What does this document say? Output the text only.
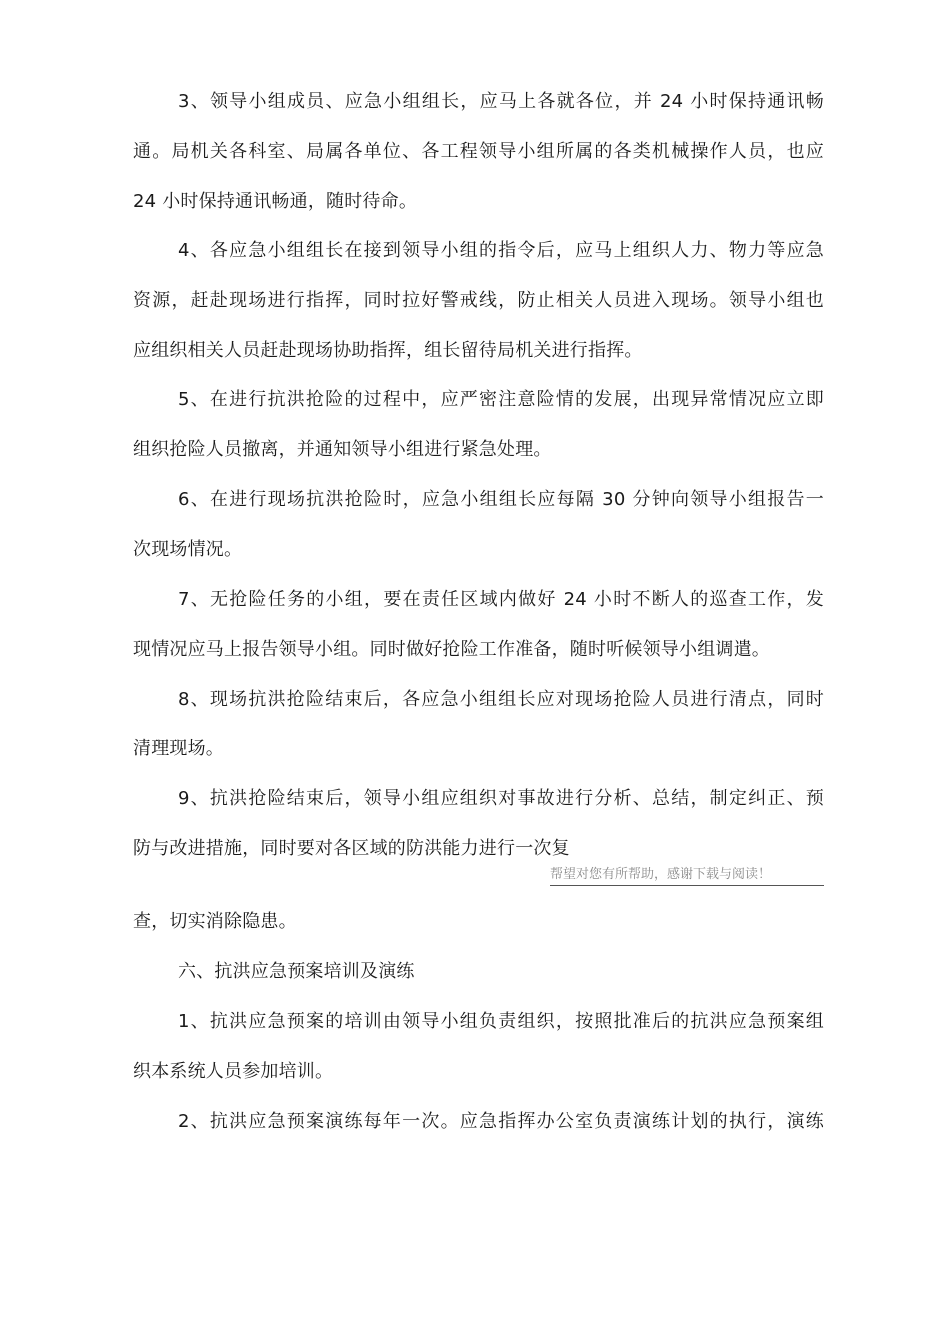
3、领导小组成员、应急小组组长，应马上各就各位，并 24 小时保持通讯畅
通。局机关各科室、局属各单位、各工程领导小组所属的各类机械操作人员，也应
24 小时保持通讯畅通，随时待命。
4、各应急小组组长在接到领导小组的指令后，应马上组织人力、物力等应急
资源，赶赴现场进行指挥，同时拉好警戒线，防止相关人员进入现场。领导小组也
应组织相关人员赶赴现场协助指挥，组长留待局机关进行指挥。
5、在进行抗洪抢险的过程中，应严密注意险情的发展，出现异常情况应立即
组织抢险人员撤离，并通知领导小组进行紧急处理。
6、在进行现场抗洪抢险时，应急小组组长应每隔 30 分钟向领导小组报告一
次现场情况。
7、无抢险任务的小组，要在责任区域内做好 24 小时不断人的巡查工作，发
现情况应马上报告领导小组。同时做好抢险工作准备，随时听候领导小组调遣。
8、现场抗洪抢险结束后，各应急小组组长应对现场抢险人员进行清点，同时
清理现场。
9、抗洪抢险结束后，领导小组应组织对事故进行分析、总结，制定纠正、预
防与改进措施，同时要对各区域的防洪能力进行一次复
帮望对您有所帮助，感谢下载与阅读！
查，切实消除隐患。
六、抗洪应急预案培训及演练
1、抗洪应急预案的培训由领导小组负责组织，按照批准后的抗洪应急预案组
织本系统人员参加培训。
2、抗洪应急预案演练每年一次。应急指挥办公室负责演练计划的执行，演练
